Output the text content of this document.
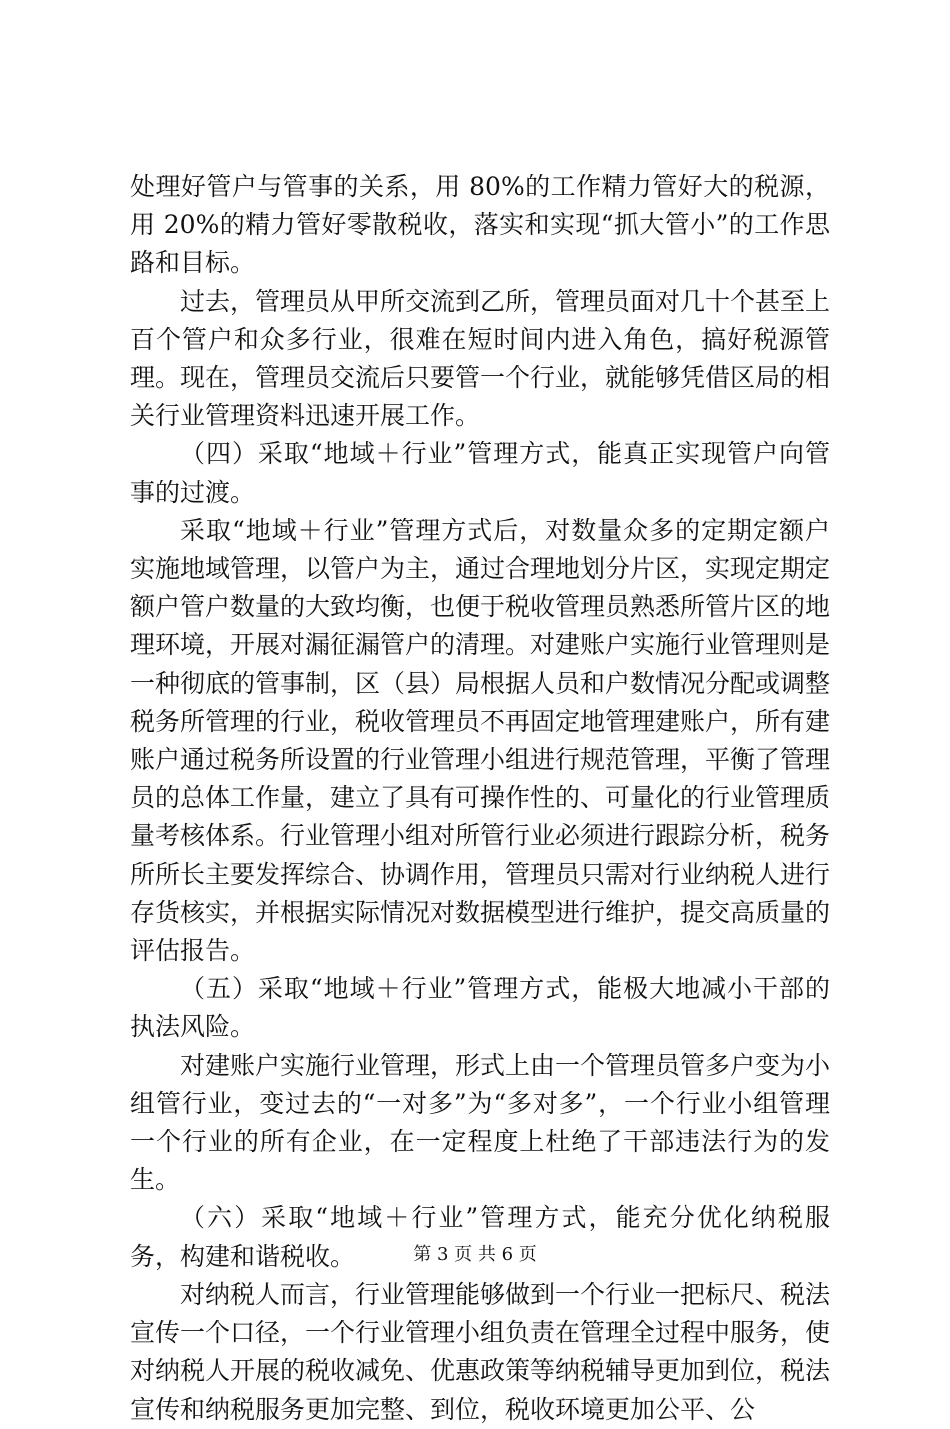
处理好管户与管事的关系，用 80%的工作精力管好大的税源，用 20%的精力管好零散税收，落实和实现“抓大管小”的工作思路和目标。

过去，管理员从甲所交流到乙所，管理员面对几十个甚至上百个管户和众多行业，很难在短时间内进入角色，搞好税源管理。现在，管理员交流后只要管一个行业，就能够凭借区局的相关行业管理资料迅速开展工作。

（四）采取“地域＋行业”管理方式，能真正实现管户向管事的过渡。

采取“地域＋行业”管理方式后，对数量众多的定期定额户实施地域管理，以管户为主，通过合理地划分片区，实现定期定额户管户数量的大致均衡，也便于税收管理员熟悉所管片区的地理环境，开展对漏征漏管户的清理。对建账户实施行业管理则是一种彻底的管事制，区（县）局根据人员和户数情况分配或调整税务所管理的行业，税收管理员不再固定地管理建账户，所有建账户通过税务所设置的行业管理小组进行规范管理，平衡了管理员的总体工作量，建立了具有可操作性的、可量化的行业管理质量考核体系。行业管理小组对所管行业必须进行跟踪分析，税务所所长主要发挥综合、协调作用，管理员只需对行业纳税人进行存货核实，并根据实际情况对数据模型进行维护，提交高质量的评估报告。

（五）采取“地域＋行业”管理方式，能极大地减小干部的执法风险。

对建账户实施行业管理，形式上由一个管理员管多户变为小组管行业，变过去的“一对多”为“多对多”，一个行业小组管理一个行业的所有企业，在一定程度上杜绝了干部违法行为的发生。

（六）采取“地域＋行业”管理方式，能充分优化纳税服务，构建和谐税收。

对纳税人而言，行业管理能够做到一个行业一把标尺、税法宣传一个口径，一个行业管理小组负责在管理全过程中服务，使对纳税人开展的税收减免、优惠政策等纳税辅导更加到位，税法宣传和纳税服务更加完整、到位，税收环境更加公平、公

第 3 页 共 6 页
